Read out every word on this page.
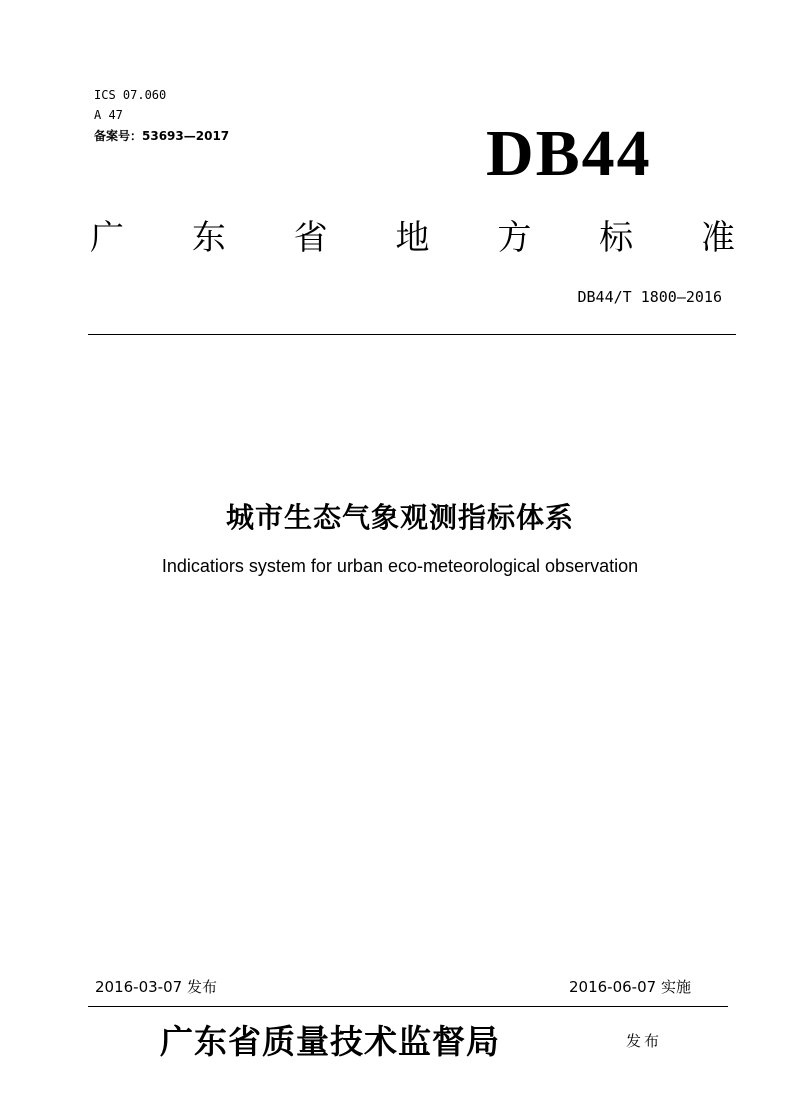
ICS 07.060
A 47
备案号：53693—2017	DB44
广 东 省 地 方 标 准
DB44/T 1800—2016
城市生态气象观测指标体系
Indicatiors system for urban eco-meteorological observation
2016-03-07 发布	2016-06-07 实施
广东省质量技术监督局	发布
